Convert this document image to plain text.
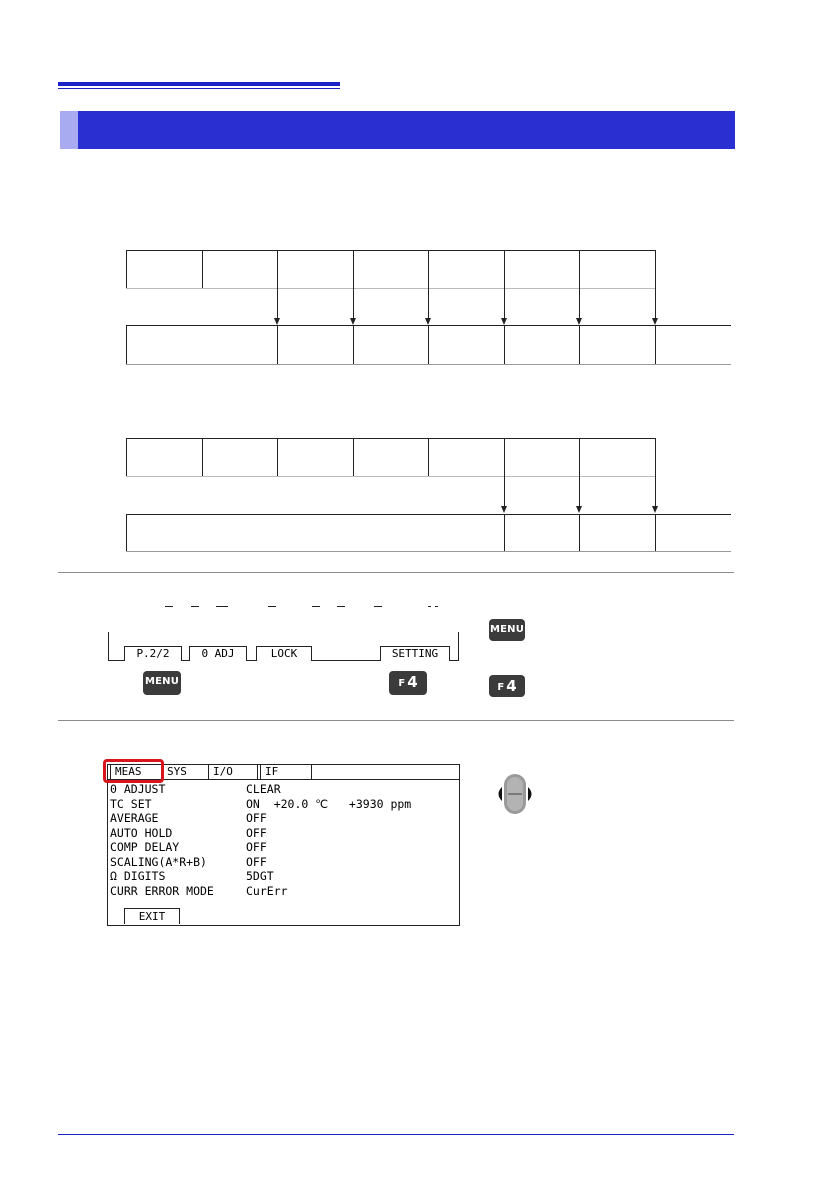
P.2/2	0 ADJ	LOCK	SETTING
MENU	F 4
MENU
F 4
MEAS	SYS	I/O	IF
0 ADJUST	CLEAR
TC SET	ON  +20.0 ℃   +3930 ppm
AVERAGE	OFF
AUTO HOLD	OFF
COMP DELAY	OFF
SCALING(A*R+B)	OFF
Ω DIGITS	5DGT
CURR ERROR MODE	CurErr
EXIT
